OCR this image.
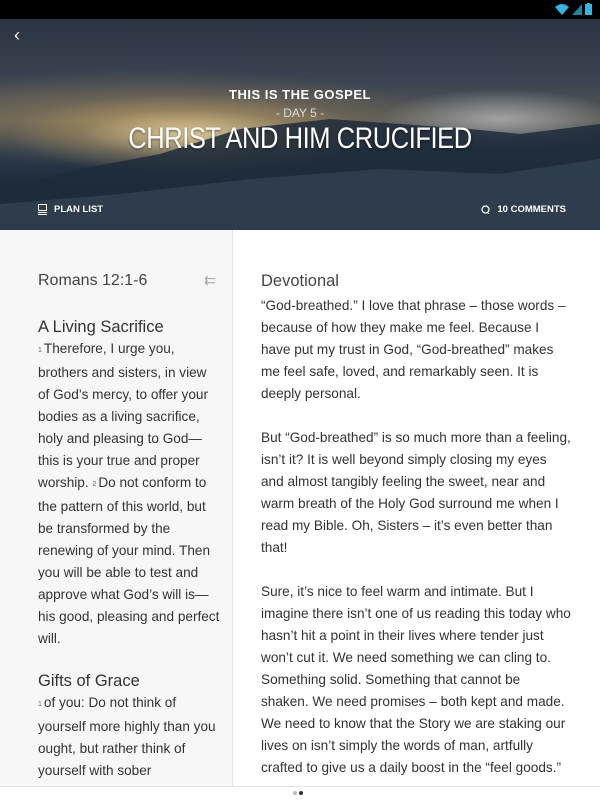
‹
THIS IS THE GOSPEL
- DAY 5 -
CHRIST AND HIM CRUCIFIED
PLAN LIST	10 COMMENTS
Romans 12:1-6	⇇
A Living Sacrifice

$^1$ Therefore, I urge you, brothers and sisters, in view of God’s mercy, to offer your bodies as a living sacrifice, holy and pleasing to God—this is your true and proper worship. $^2$ Do not conform to the pattern of this world, but be transformed by the renewing of your mind. Then you will be able to test and approve what God’s will is—his good, pleasing and perfect will.

Gifts of Grace

$^1$ of you: Do not think of yourself more highly than you ought, but rather think of yourself with sober

Devotional

“God-breathed.” I love that phrase – those words – because of how they make me feel. Because I have put my trust in God, “God-breathed” makes me feel safe, loved, and remarkably seen. It is deeply personal.

But “God-breathed” is so much more than a feeling, isn’t it? It is well beyond simply closing my eyes and almost tangibly feeling the sweet, near and warm breath of the Holy God surround me when I read my Bible. Oh, Sisters – it’s even better than that!

Sure, it’s nice to feel warm and intimate. But I imagine there isn’t one of us reading this today who hasn’t hit a point in their lives where tender just won’t cut it. We need something we can cling to. Something solid. Something that cannot be shaken. We need promises – both kept and made. We need to know that the Story we are staking our lives on isn’t simply the words of man, artfully crafted to give us a daily boost in the “feel goods.”
